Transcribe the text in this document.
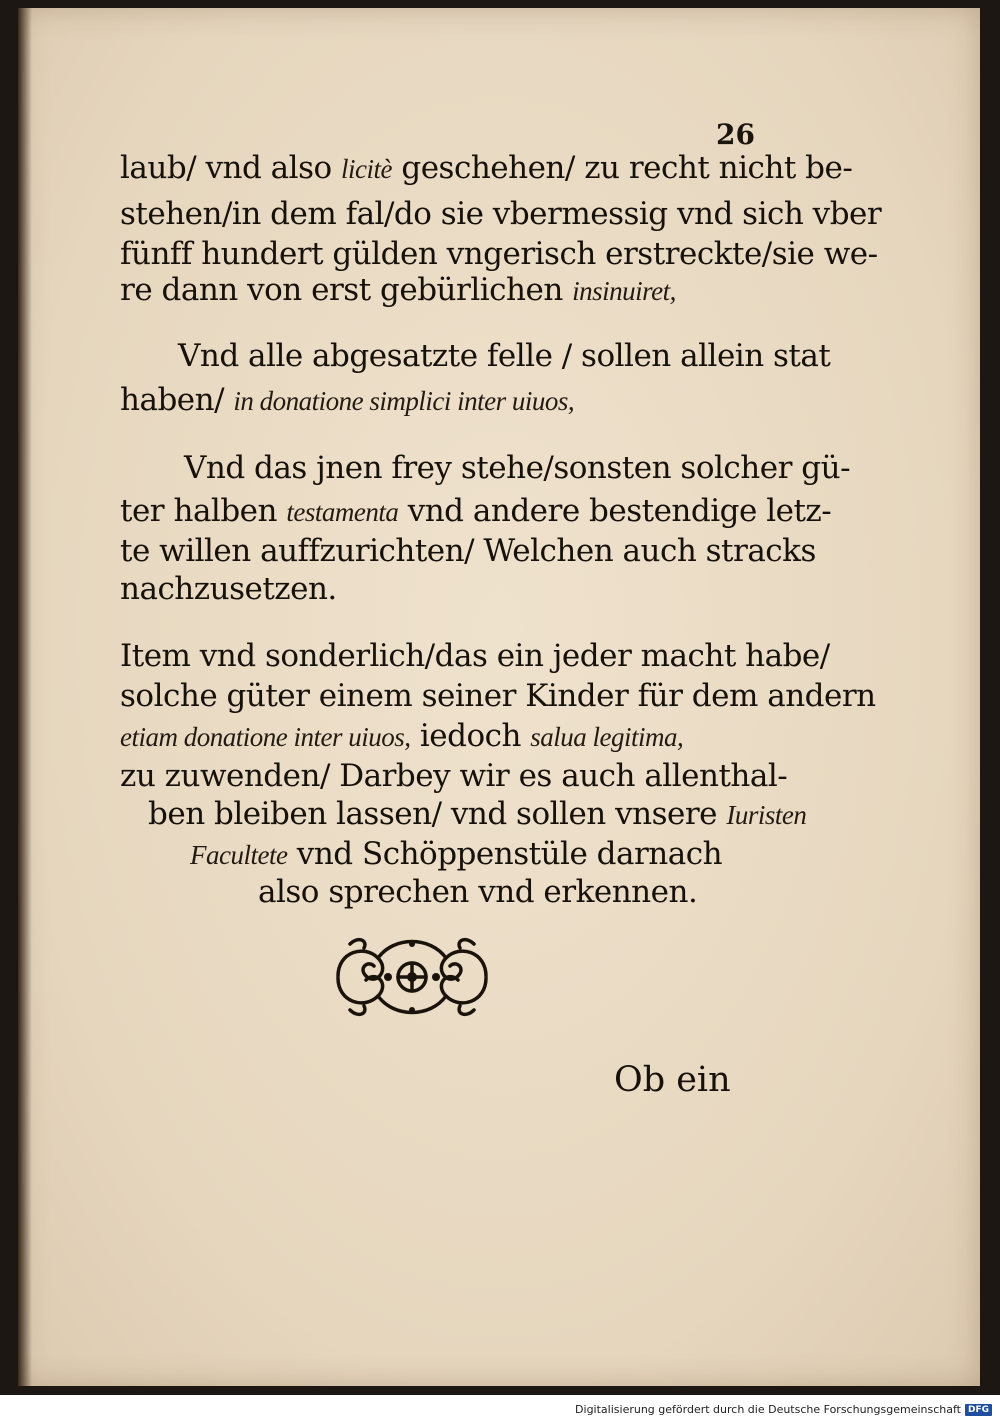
26
laub/ vnd also licitè geschehen/ zu recht nicht be-
stehen/in dem fal/do sie vbermessig vnd sich vber
fünff hundert gülden vngerisch erstreckte/sie we-
re dann von erst gebürlichen insinuiret,
Vnd alle abgesatzte felle / sollen allein stat
haben/ in donatione simplici inter uiuos,
Vnd das jnen frey stehe/sonsten solcher gü-
ter halben testamenta vnd andere bestendige letz-
te willen auffzurichten/ Welchen auch stracks
nachzusetzen.
Item vnd sonderlich/das ein jeder macht habe/
solche güter einem seiner Kinder für dem andern
etiam donatione inter uiuos, iedoch salua legitima,
zu zuwenden/ Darbey wir es auch allenthal-
ben bleiben lassen/ vnd sollen vnsere Iuristen
Facultete vnd Schöppenstüle darnach
also sprechen vnd erkennen.
Ob ein
Digitalisierung gefördert durch die Deutsche Forschungsgemeinschaft DFG
